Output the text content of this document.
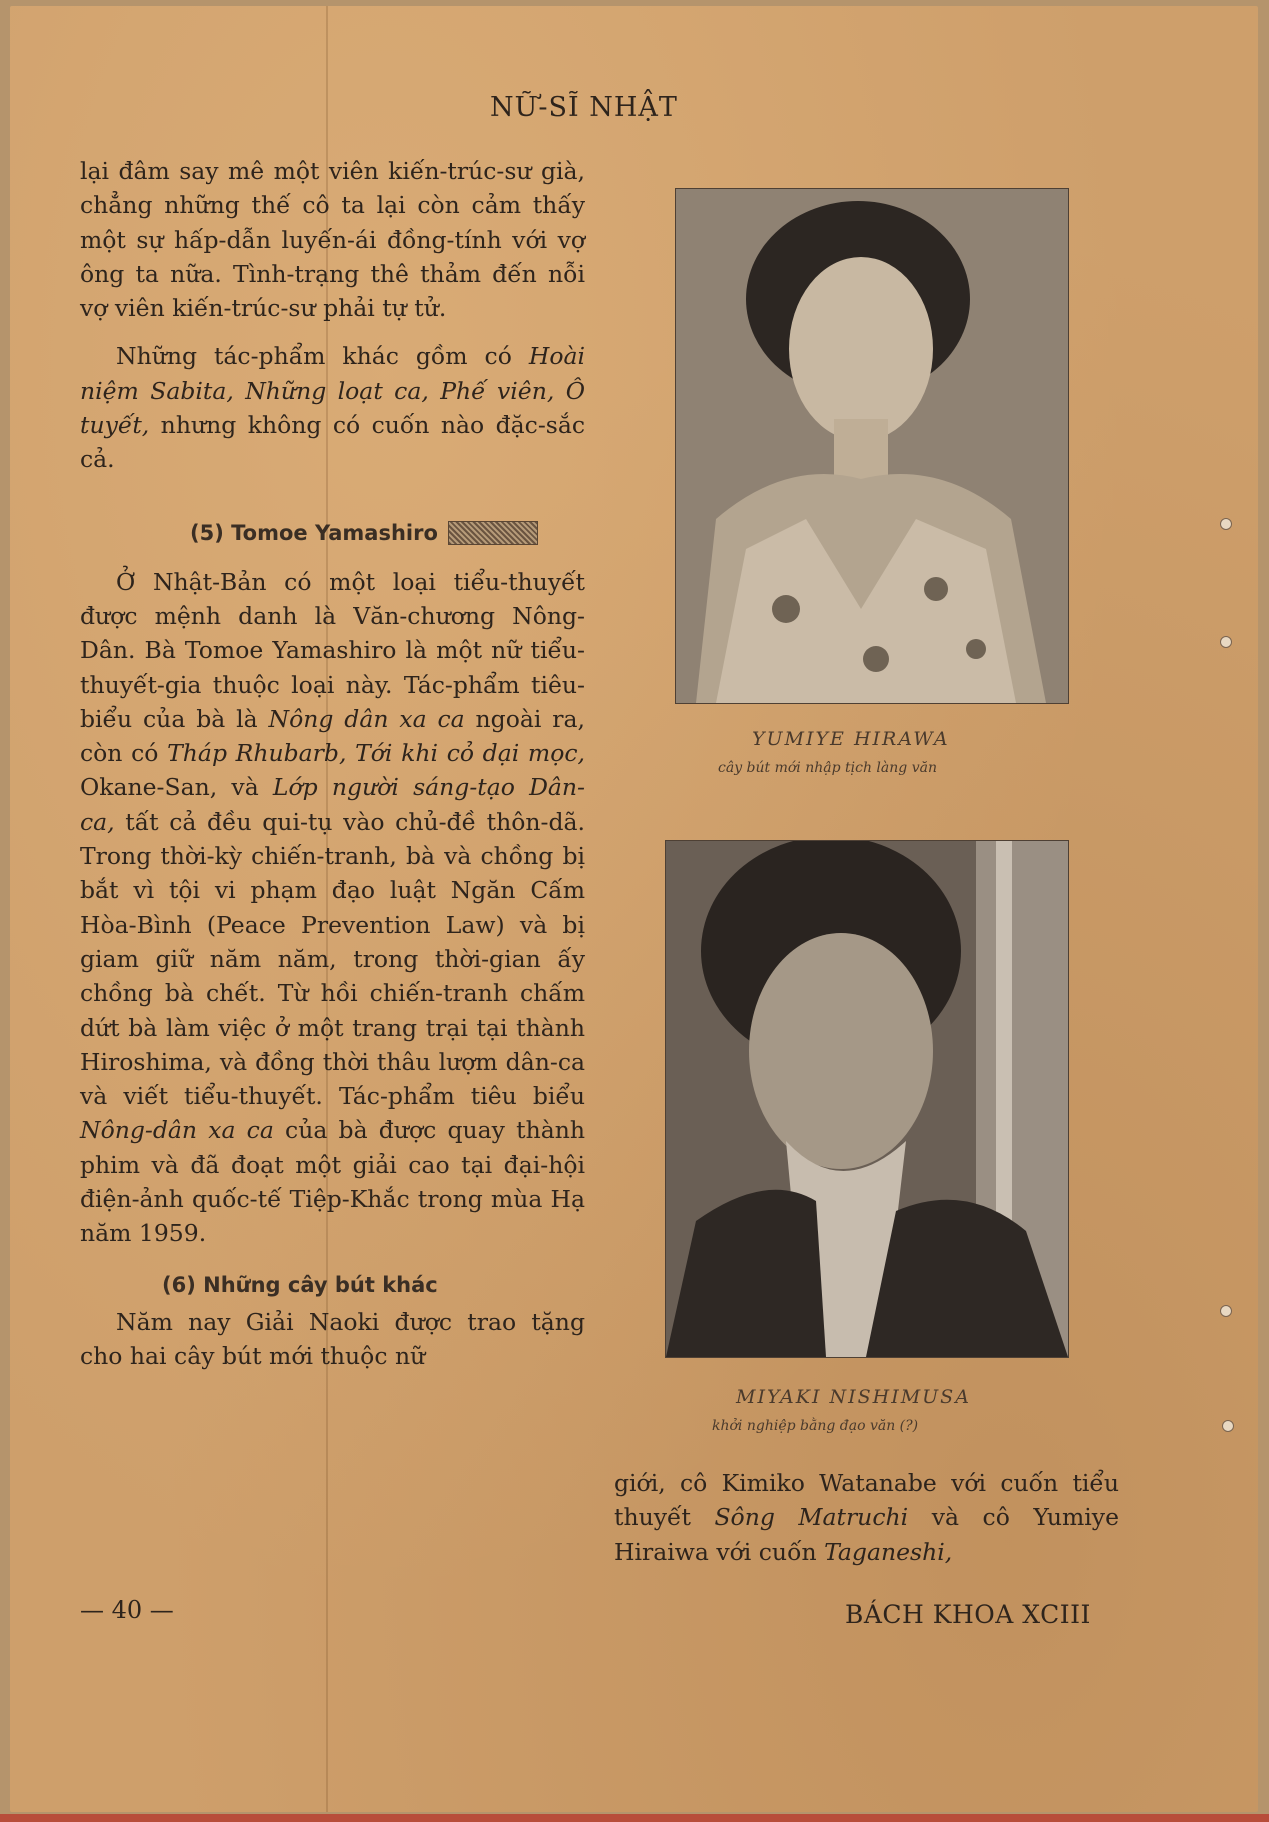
NỮ-SĨ NHẬT

lại đâm say mê một viên kiến-trúc-sư già, chẳng những thế cô ta lại còn cảm thấy một sự hấp-dẫn luyến-ái đồng-tính với vợ ông ta nữa. Tình-trạng thê thảm đến nỗi vợ viên kiến-trúc-sư phải tự tử.

Những tác-phẩm khác gồm có Hoài niệm Sabita, Những loạt ca, Phế viên, Ô tuyết, nhưng không có cuốn nào đặc-sắc cả.

(5) Tomoe Yamashiro

Ở Nhật-Bản có một loại tiểu-thuyết được mệnh danh là Văn-chương Nông-Dân. Bà Tomoe Yamashiro là một nữ tiểu-thuyết-gia thuộc loại này. Tác-phẩm tiêu-biểu của bà là Nông dân xa ca ngoài ra, còn có Tháp Rhubarb, Tới khi cỏ dại mọc, Okane-San, và Lớp người sáng-tạo Dân-ca, tất cả đều qui-tụ vào chủ-đề thôn-dã. Trong thời-kỳ chiến-tranh, bà và chồng bị bắt vì tội vi phạm đạo luật Ngăn Cấm Hòa-Bình (Peace Prevention Law) và bị giam giữ năm năm, trong thời-gian ấy chồng bà chết. Từ hồi chiến-tranh chấm dứt bà làm việc ở một trang trại tại thành Hiroshima, và đồng thời thâu lượm dân-ca và viết tiểu-thuyết. Tác-phẩm tiêu biểu Nông-dân xa ca của bà được quay thành phim và đã đoạt một giải cao tại đại-hội điện-ảnh quốc-tế Tiệp-Khắc trong mùa Hạ năm 1959.

(6) Những cây bút khác

Năm nay Giải Naoki được trao tặng cho hai cây bút mới thuộc nữ

YUMIYE HIRAWA
cây bút mới nhập tịch làng văn
MIYAKI NISHIMUSA
khởi nghiệp bằng đạo văn (?)

giới, cô Kimiko Watanabe với cuốn tiểu thuyết Sông Matruchi và cô Yumiye Hiraiwa với cuốn Taganeshi,

— 40 —	BÁCH KHOA XCIII
